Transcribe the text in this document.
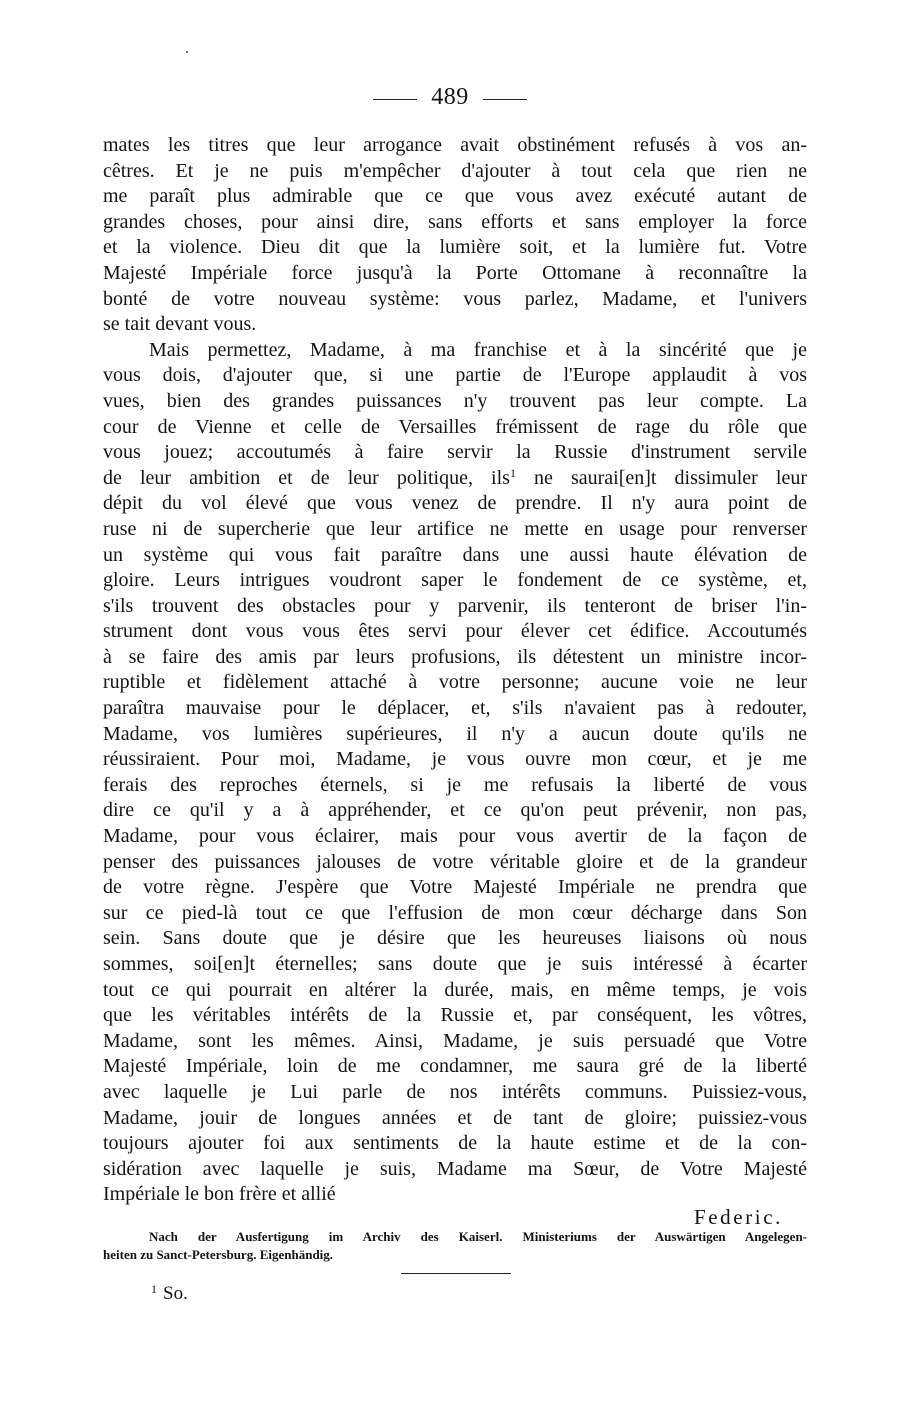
489
mates les titres que leur arrogance avait obstinément refusés à vos an-
cêtres. Et je ne puis m'empêcher d'ajouter à tout cela que rien ne
me paraît plus admirable que ce que vous avez exécuté autant de
grandes choses, pour ainsi dire, sans efforts et sans employer la force
et la violence. Dieu dit que la lumière soit, et la lumière fut. Votre
Majesté Impériale force jusqu'à la Porte Ottomane à reconnaître la
bonté de votre nouveau système: vous parlez, Madame, et l'univers
se tait devant vous.
Mais permettez, Madame, à ma franchise et à la sincérité que je
vous dois, d'ajouter que, si une partie de l'Europe applaudit à vos
vues, bien des grandes puissances n'y trouvent pas leur compte. La
cour de Vienne et celle de Versailles frémissent de rage du rôle que
vous jouez; accoutumés à faire servir la Russie d'instrument servile
de leur ambition et de leur politique, ils$^1$ ne saurai[en]t dissimuler leur
dépit du vol élevé que vous venez de prendre. Il n'y aura point de
ruse ni de supercherie que leur artifice ne mette en usage pour renverser
un système qui vous fait paraître dans une aussi haute élévation de
gloire. Leurs intrigues voudront saper le fondement de ce système, et,
s'ils trouvent des obstacles pour y parvenir, ils tenteront de briser l'in-
strument dont vous vous êtes servi pour élever cet édifice. Accoutumés
à se faire des amis par leurs profusions, ils détestent un ministre incor-
ruptible et fidèlement attaché à votre personne; aucune voie ne leur
paraîtra mauvaise pour le déplacer, et, s'ils n'avaient pas à redouter,
Madame, vos lumières supérieures, il n'y a aucun doute qu'ils ne
réussiraient. Pour moi, Madame, je vous ouvre mon cœur, et je me
ferais des reproches éternels, si je me refusais la liberté de vous
dire ce qu'il y a à appréhender, et ce qu'on peut prévenir, non pas,
Madame, pour vous éclairer, mais pour vous avertir de la façon de
penser des puissances jalouses de votre véritable gloire et de la grandeur
de votre règne. J'espère que Votre Majesté Impériale ne prendra que
sur ce pied-là tout ce que l'effusion de mon cœur décharge dans Son
sein. Sans doute que je désire que les heureuses liaisons où nous
sommes, soi[en]t éternelles; sans doute que je suis intéressé à écarter
tout ce qui pourrait en altérer la durée, mais, en même temps, je vois
que les véritables intérêts de la Russie et, par conséquent, les vôtres,
Madame, sont les mêmes. Ainsi, Madame, je suis persuadé que Votre
Majesté Impériale, loin de me condamner, me saura gré de la liberté
avec laquelle je Lui parle de nos intérêts communs. Puissiez-vous,
Madame, jouir de longues années et de tant de gloire; puissiez-vous
toujours ajouter foi aux sentiments de la haute estime et de la con-
sidération avec laquelle je suis, Madame ma Sœur, de Votre Majesté
Impériale le bon frère et allié
Federic.
Nach der Ausfertigung im Archiv des Kaiserl. Ministeriums der Auswärtigen Angelegen-
heiten zu Sanct-Petersburg. Eigenhändig.
$^1$ So.
